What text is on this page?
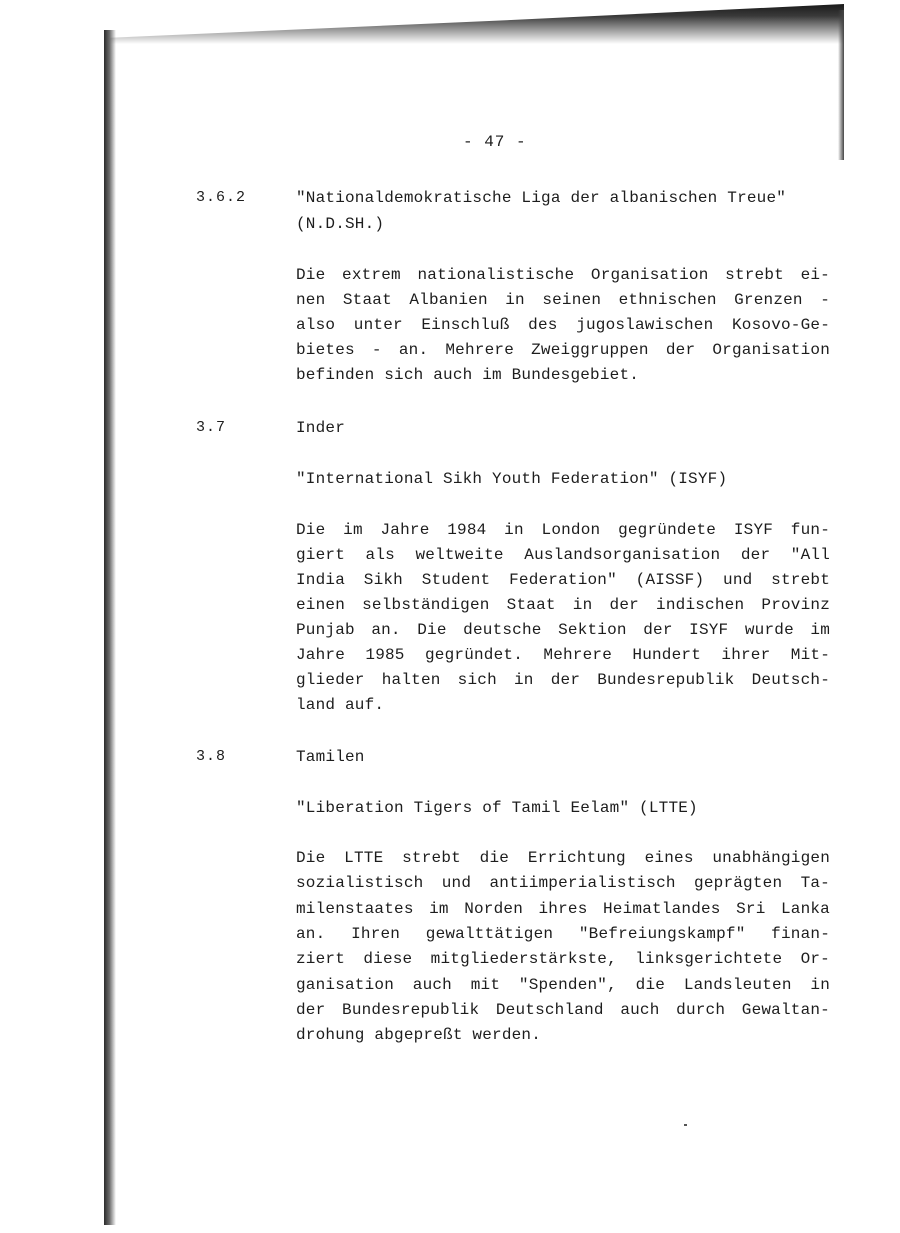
- 47 -
3.6.2	"Nationaldemokratische Liga der albanischen Treue"

(N.D.SH.)

Die extrem nationalistische Organisation strebt ei-

nen Staat Albanien in seinen ethnischen Grenzen -

also unter Einschluß des jugoslawischen Kosovo-Ge-

bietes - an. Mehrere Zweiggruppen der Organisation

befinden sich auch im Bundesgebiet.

3.7	Inder

"International Sikh Youth Federation" (ISYF)

Die im Jahre 1984 in London gegründete ISYF fun-

giert als weltweite Auslandsorganisation der "All

India Sikh Student Federation" (AISSF) und strebt

einen selbständigen Staat in der indischen Provinz

Punjab an. Die deutsche Sektion der ISYF wurde im

Jahre 1985 gegründet. Mehrere Hundert ihrer Mit-

glieder halten sich in der Bundesrepublik Deutsch-

land auf.

3.8	Tamilen

"Liberation Tigers of Tamil Eelam" (LTTE)

Die LTTE strebt die Errichtung eines unabhängigen

sozialistisch und antiimperialistisch geprägten Ta-

milenstaates im Norden ihres Heimatlandes Sri Lanka

an. Ihren gewalttätigen "Befreiungskampf" finan-

ziert diese mitgliederstärkste, linksgerichtete Or-

ganisation auch mit "Spenden", die Landsleuten in

der Bundesrepublik Deutschland auch durch Gewaltan-

drohung abgepreßt werden.
